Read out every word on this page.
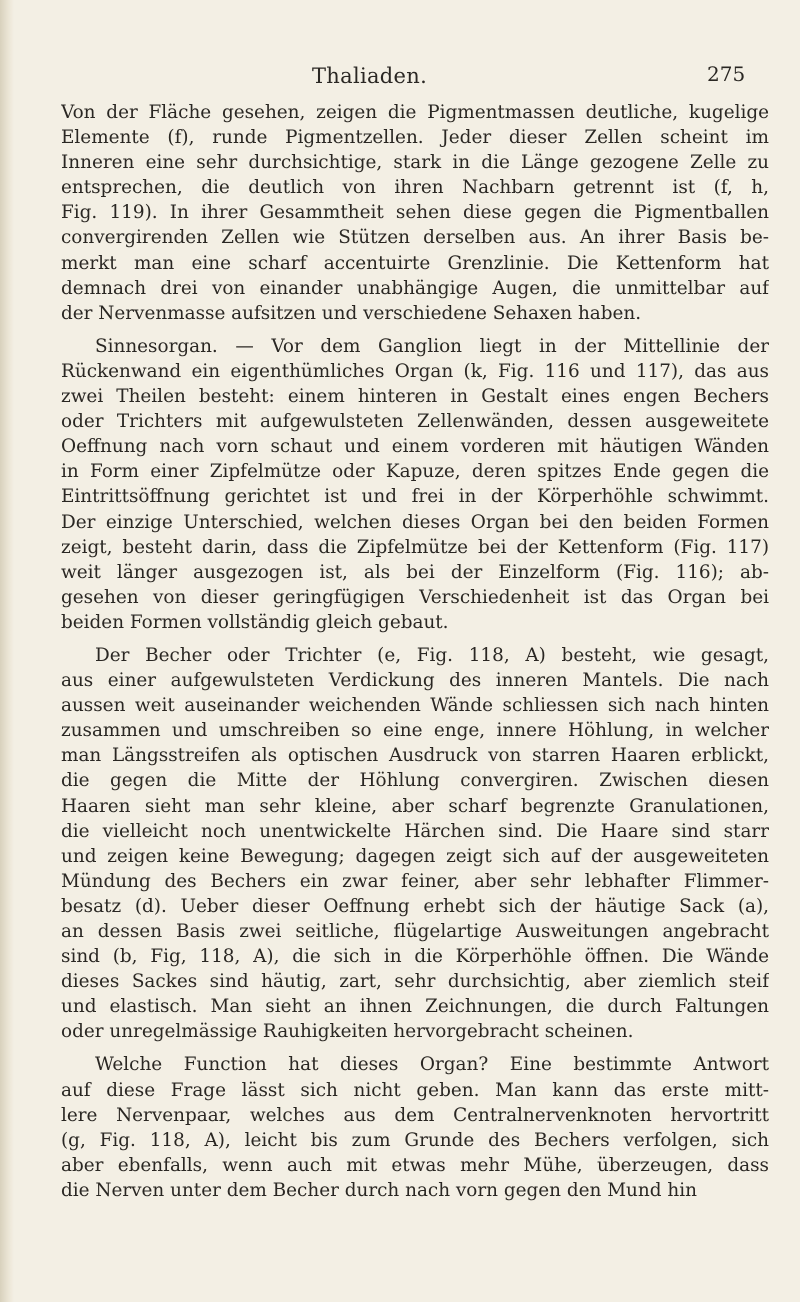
Thaliaden.	275

Von der Fläche gesehen, zeigen die Pigmentmassen deutliche, kugelige
Elemente (f), runde Pigmentzellen. Jeder dieser Zellen scheint im
Inneren eine sehr durchsichtige, stark in die Länge gezogene Zelle zu
entsprechen, die deutlich von ihren Nachbarn getrennt ist (f, h,
Fig. 119). In ihrer Gesammtheit sehen diese gegen die Pigmentballen
convergirenden Zellen wie Stützen derselben aus. An ihrer Basis be-
merkt man eine scharf accentuirte Grenzlinie. Die Kettenform hat
demnach drei von einander unabhängige Augen, die unmittelbar auf
der Nervenmasse aufsitzen und verschiedene Sehaxen haben.

Sinnesorgan. — Vor dem Ganglion liegt in der Mittellinie der
Rückenwand ein eigenthümliches Organ (k, Fig. 116 und 117), das aus
zwei Theilen besteht: einem hinteren in Gestalt eines engen Bechers
oder Trichters mit aufgewulsteten Zellenwänden, dessen ausgeweitete
Oeffnung nach vorn schaut und einem vorderen mit häutigen Wänden
in Form einer Zipfelmütze oder Kapuze, deren spitzes Ende gegen die
Eintrittsöffnung gerichtet ist und frei in der Körperhöhle schwimmt.
Der einzige Unterschied, welchen dieses Organ bei den beiden Formen
zeigt, besteht darin, dass die Zipfelmütze bei der Kettenform (Fig. 117)
weit länger ausgezogen ist, als bei der Einzelform (Fig. 116); ab-
gesehen von dieser geringfügigen Verschiedenheit ist das Organ bei
beiden Formen vollständig gleich gebaut.

Der Becher oder Trichter (e, Fig. 118, A) besteht, wie gesagt,
aus einer aufgewulsteten Verdickung des inneren Mantels. Die nach
aussen weit auseinander weichenden Wände schliessen sich nach hinten
zusammen und umschreiben so eine enge, innere Höhlung, in welcher
man Längsstreifen als optischen Ausdruck von starren Haaren erblickt,
die gegen die Mitte der Höhlung convergiren. Zwischen diesen
Haaren sieht man sehr kleine, aber scharf begrenzte Granulationen,
die vielleicht noch unentwickelte Härchen sind. Die Haare sind starr
und zeigen keine Bewegung; dagegen zeigt sich auf der ausgeweiteten
Mündung des Bechers ein zwar feiner, aber sehr lebhafter Flimmer-
besatz (d). Ueber dieser Oeffnung erhebt sich der häutige Sack (a),
an dessen Basis zwei seitliche, flügelartige Ausweitungen angebracht
sind (b, Fig, 118, A), die sich in die Körperhöhle öffnen. Die Wände
dieses Sackes sind häutig, zart, sehr durchsichtig, aber ziemlich steif
und elastisch. Man sieht an ihnen Zeichnungen, die durch Faltungen
oder unregelmässige Rauhigkeiten hervorgebracht scheinen.

Welche Function hat dieses Organ? Eine bestimmte Antwort
auf diese Frage lässt sich nicht geben. Man kann das erste mitt-
lere Nervenpaar, welches aus dem Centralnervenknoten hervortritt
(g, Fig. 118, A), leicht bis zum Grunde des Bechers verfolgen, sich
aber ebenfalls, wenn auch mit etwas mehr Mühe, überzeugen, dass
die Nerven unter dem Becher durch nach vorn gegen den Mund hin
